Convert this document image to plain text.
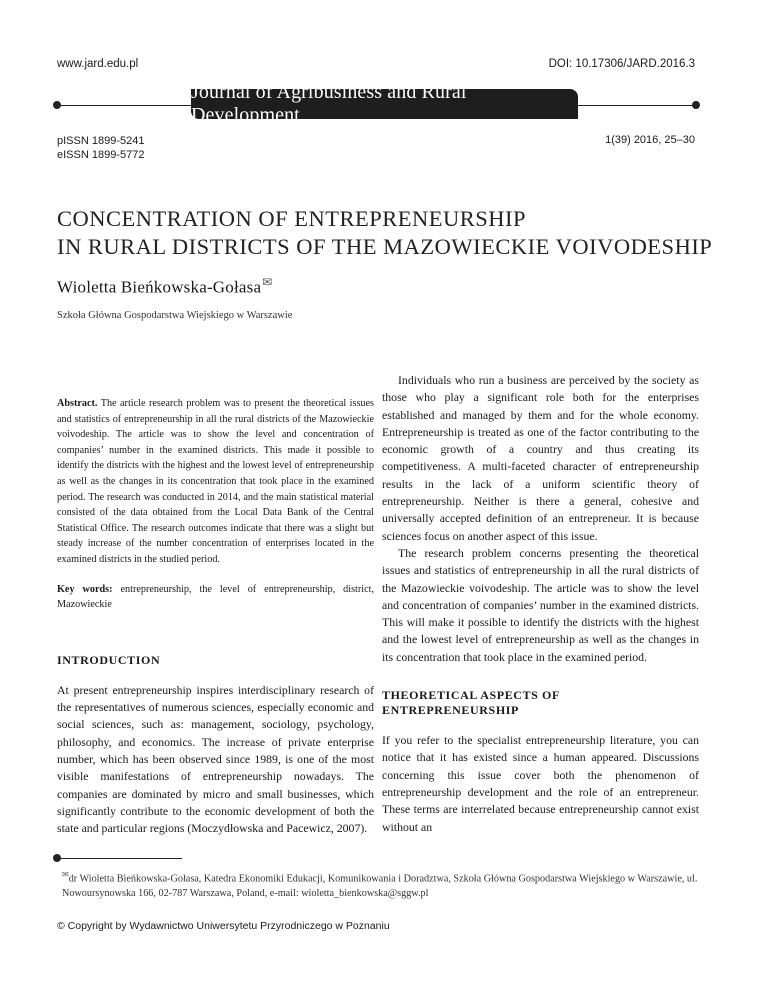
www.jard.edu.pl	DOI: 10.17306/JARD.2016.3
Journal of Agribusiness and Rural Development
pISSN 1899-5241
eISSN 1899-5772
1(39) 2016, 25–30
CONCENTRATION OF ENTREPRENEURSHIP
IN RURAL DISTRICTS OF THE MAZOWIECKIE VOIVODESHIP
Wioletta Bieńkowska-Gołasa✉
Szkoła Główna Gospodarstwa Wiejskiego w Warszawie

Abstract. The article research problem was to present the theoretical issues and statistics of entrepreneurship in all the rural districts of the Mazowieckie voivodeship. The article was to show the level and concentration of companies’ number in the examined districts. This made it possible to identify the districts with the highest and the lowest level of entrepreneurship as well as the changes in its concentration that took place in the examined period. The research was conducted in 2014, and the main statistical material consisted of the data obtained from the Local Data Bank of the Central Statistical Office. The research outcomes indicate that there was a slight but steady increase of the number concentration of enterprises located in the examined districts in the studied period.

Key words: entrepreneurship, the level of entrepreneurship, district, Mazowieckie

INTRODUCTION

At present entrepreneurship inspires interdisciplinary research of the representatives of numerous sciences, especially economic and social sciences, such as: management, sociology, psychology, philosophy, and economics. The increase of private enterprise number, which has been observed since 1989, is one of the most visible manifestations of entrepreneurship nowadays. The companies are dominated by micro and small businesses, which significantly contribute to the economic development of both the state and particular regions (Moczydłowska and Pacewicz, 2007).

Individuals who run a business are perceived by the society as those who play a significant role both for the enterprises established and managed by them and for the whole economy. Entrepreneurship is treated as one of the factor contributing to the economic growth of a country and thus creating its competitiveness. A multi-faceted character of entrepreneurship results in the lack of a uniform scientific theory of entrepreneurship. Neither is there a general, cohesive and universally accepted definition of an entrepreneur. It is because sciences focus on another aspect of this issue.

The research problem concerns presenting the theoretical issues and statistics of entrepreneurship in all the rural districts of the Mazowieckie voivodeship. The article was to show the level and concentration of companies’ number in the examined districts. This will make it possible to identify the districts with the highest and the lowest level of entrepreneurship as well as the changes in its concentration that took place in the examined period.

THEORETICAL ASPECTS OF
ENTREPRENEURSHIP

If you refer to the specialist entrepreneurship literature, you can notice that it has existed since a human appeared. Discussions concerning this issue cover both the phenomenon of entrepreneurship development and the role of an entrepreneur. These terms are interrelated because entrepreneurship cannot exist without an

✉dr Wioletta Bieńkowska-Gołasa, Katedra Ekonomiki Edukacji, Komunikowania i Doradztwa, Szkoła Główna Gospodarstwa Wiejskiego w Warszawie, ul. Nowoursynowska 166, 02-787 Warszawa, Poland, e-mail: wioletta_bienkowska@sggw.pl
© Copyright by Wydawnictwo Uniwersytetu Przyrodniczego w Poznaniu
